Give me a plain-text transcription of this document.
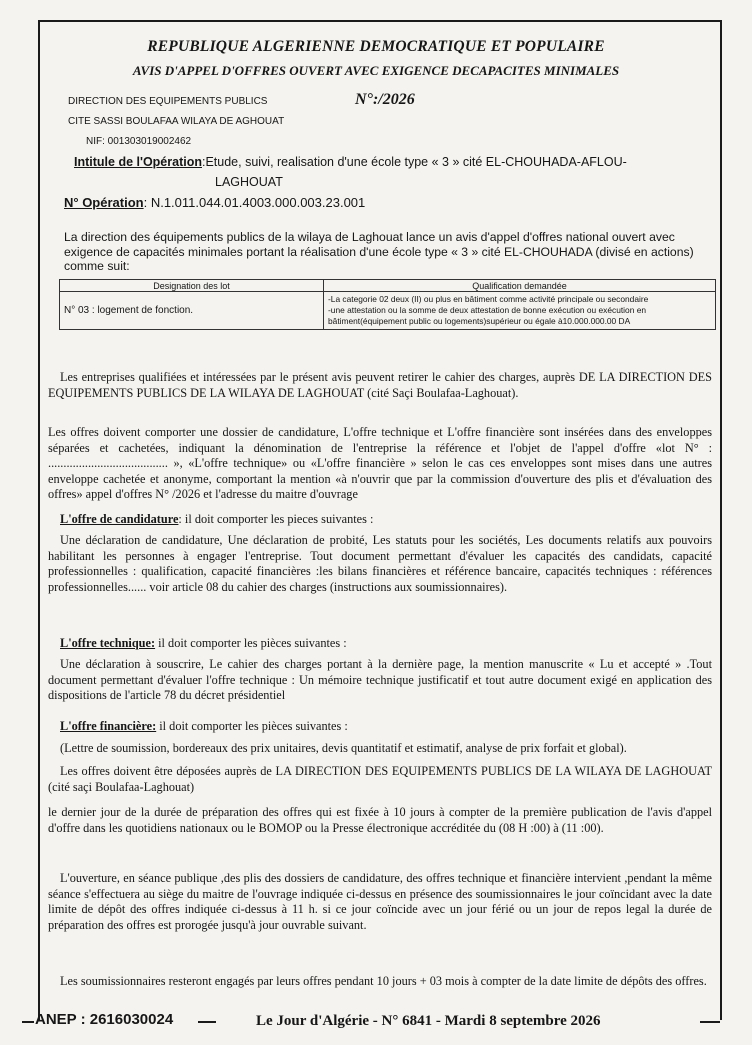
REPUBLIQUE ALGERIENNE DEMOCRATIQUE ET POPULAIRE
AVIS D'APPEL D'OFFRES OUVERT AVEC EXIGENCE DECAPACITES MINIMALES
DIRECTION DES EQUIPEMENTS PUBLICS
CITE SASSI BOULAFAA WILAYA DE AGHOUAT
NIF: 001303019002462
N°:/2026
Intitule de l'Opération:Etude, suivi, realisation d'une école type « 3 » cité EL-CHOUHADA-AFLOU-
LAGHOUAT
N° Opération: N.1.011.044.01.4003.000.003.23.001
La direction des équipements publics de la wilaya de Laghouat lance un avis d'appel d'offres national ouvert avec exigence de capacités minimales portant la réalisation d'une école type « 3 » cité EL-CHOUHADA (divisé en actions) comme suit:
Designation des lot	Qualification demandée
N° 03 : logement de fonction.	-La categorie 02 deux (II) ou plus en bâtiment comme activité principale ou secondaire
-une attestation ou la somme de deux attestation de bonne exécution ou exécution en bâtiment(équipement public ou logements)supérieur ou égale à10.000.000.00 DA
Les entreprises qualifiées et intéressées par le présent avis peuvent retirer le cahier des charges, auprès DE LA DIRECTION DES EQUIPEMENTS PUBLICS DE LA WILAYA DE LAGHOUAT (cité Saçi Boulafaa-Laghouat).
Les offres doivent comporter une dossier de candidature, L'offre technique et L'offre financière sont insérées dans des enveloppes séparées et cachetées, indiquant la dénomination de l'entreprise la référence et l'objet de l'appel d'offre «lot N° : ....................................... », «L'offre technique» ou «L'offre financière » selon le cas ces enveloppes sont mises dans une autres enveloppe cachetée et anonyme, comportant la mention «à n'ouvrir que par la commission d'ouverture des plis et d'évaluation des offres» appel d'offres N° /2026 et l'adresse du maitre d'ouvrage
L'offre de candidature: il doit comporter les pieces suivantes :
Une déclaration de candidature, Une déclaration de probité, Les statuts pour les sociétés, Les documents relatifs aux pouvoirs habilitant les personnes à engager l'entreprise. Tout document permettant d'évaluer les capacités des candidats, capacité professionnelles : qualification, capacité financières :les bilans financières et référence bancaire, capacités techniques : références professionnelles...... voir article 08 du cahier des charges (instructions aux soumissionnaires).
L'offre technique: il doit comporter les pièces suivantes :
Une déclaration à souscrire, Le cahier des charges portant à la dernière page, la mention manuscrite « Lu et accepté » .Tout document permettant d'évaluer l'offre technique : Un mémoire technique justificatif et tout autre document exigé en application des dispositions de l'article 78 du décret présidentiel
L'offre financière: il doit comporter les pièces suivantes :
(Lettre de soumission, bordereaux des prix unitaires, devis quantitatif et estimatif, analyse de prix forfait et global).
Les offres doivent être déposées auprès de LA DIRECTION DES EQUIPEMENTS PUBLICS DE LA WILAYA DE LAGHOUAT (cité saçi Boulafaa-Laghouat)
le dernier jour de la durée de préparation des offres qui est fixée à 10 jours à compter de la première publication de l'avis d'appel d'offre dans les quotidiens nationaux ou le BOMOP ou la Presse électronique accréditée du (08 H :00) à (11 :00).
L'ouverture, en séance publique ,des plis des dossiers de candidature, des offres technique et financière intervient ,pendant la même séance s'effectuera au siège du maitre de l'ouvrage indiquée ci-dessus en présence des soumissionnaires le jour coïncidant avec la date limite de dépôt des offres indiquée ci-dessus à 11 h. si ce jour coïncide avec un jour férié ou un jour de repos legal la durée de préparation des offres est prorogée jusqu'à jour ouvrable suivant.
Les soumissionnaires resteront engagés par leurs offres pendant 10 jours + 03 mois à compter de la date limite de dépôts des offres.
ANEP : 2616030024	Le Jour d'Algérie - N° 6841 - Mardi 8 septembre 2026
